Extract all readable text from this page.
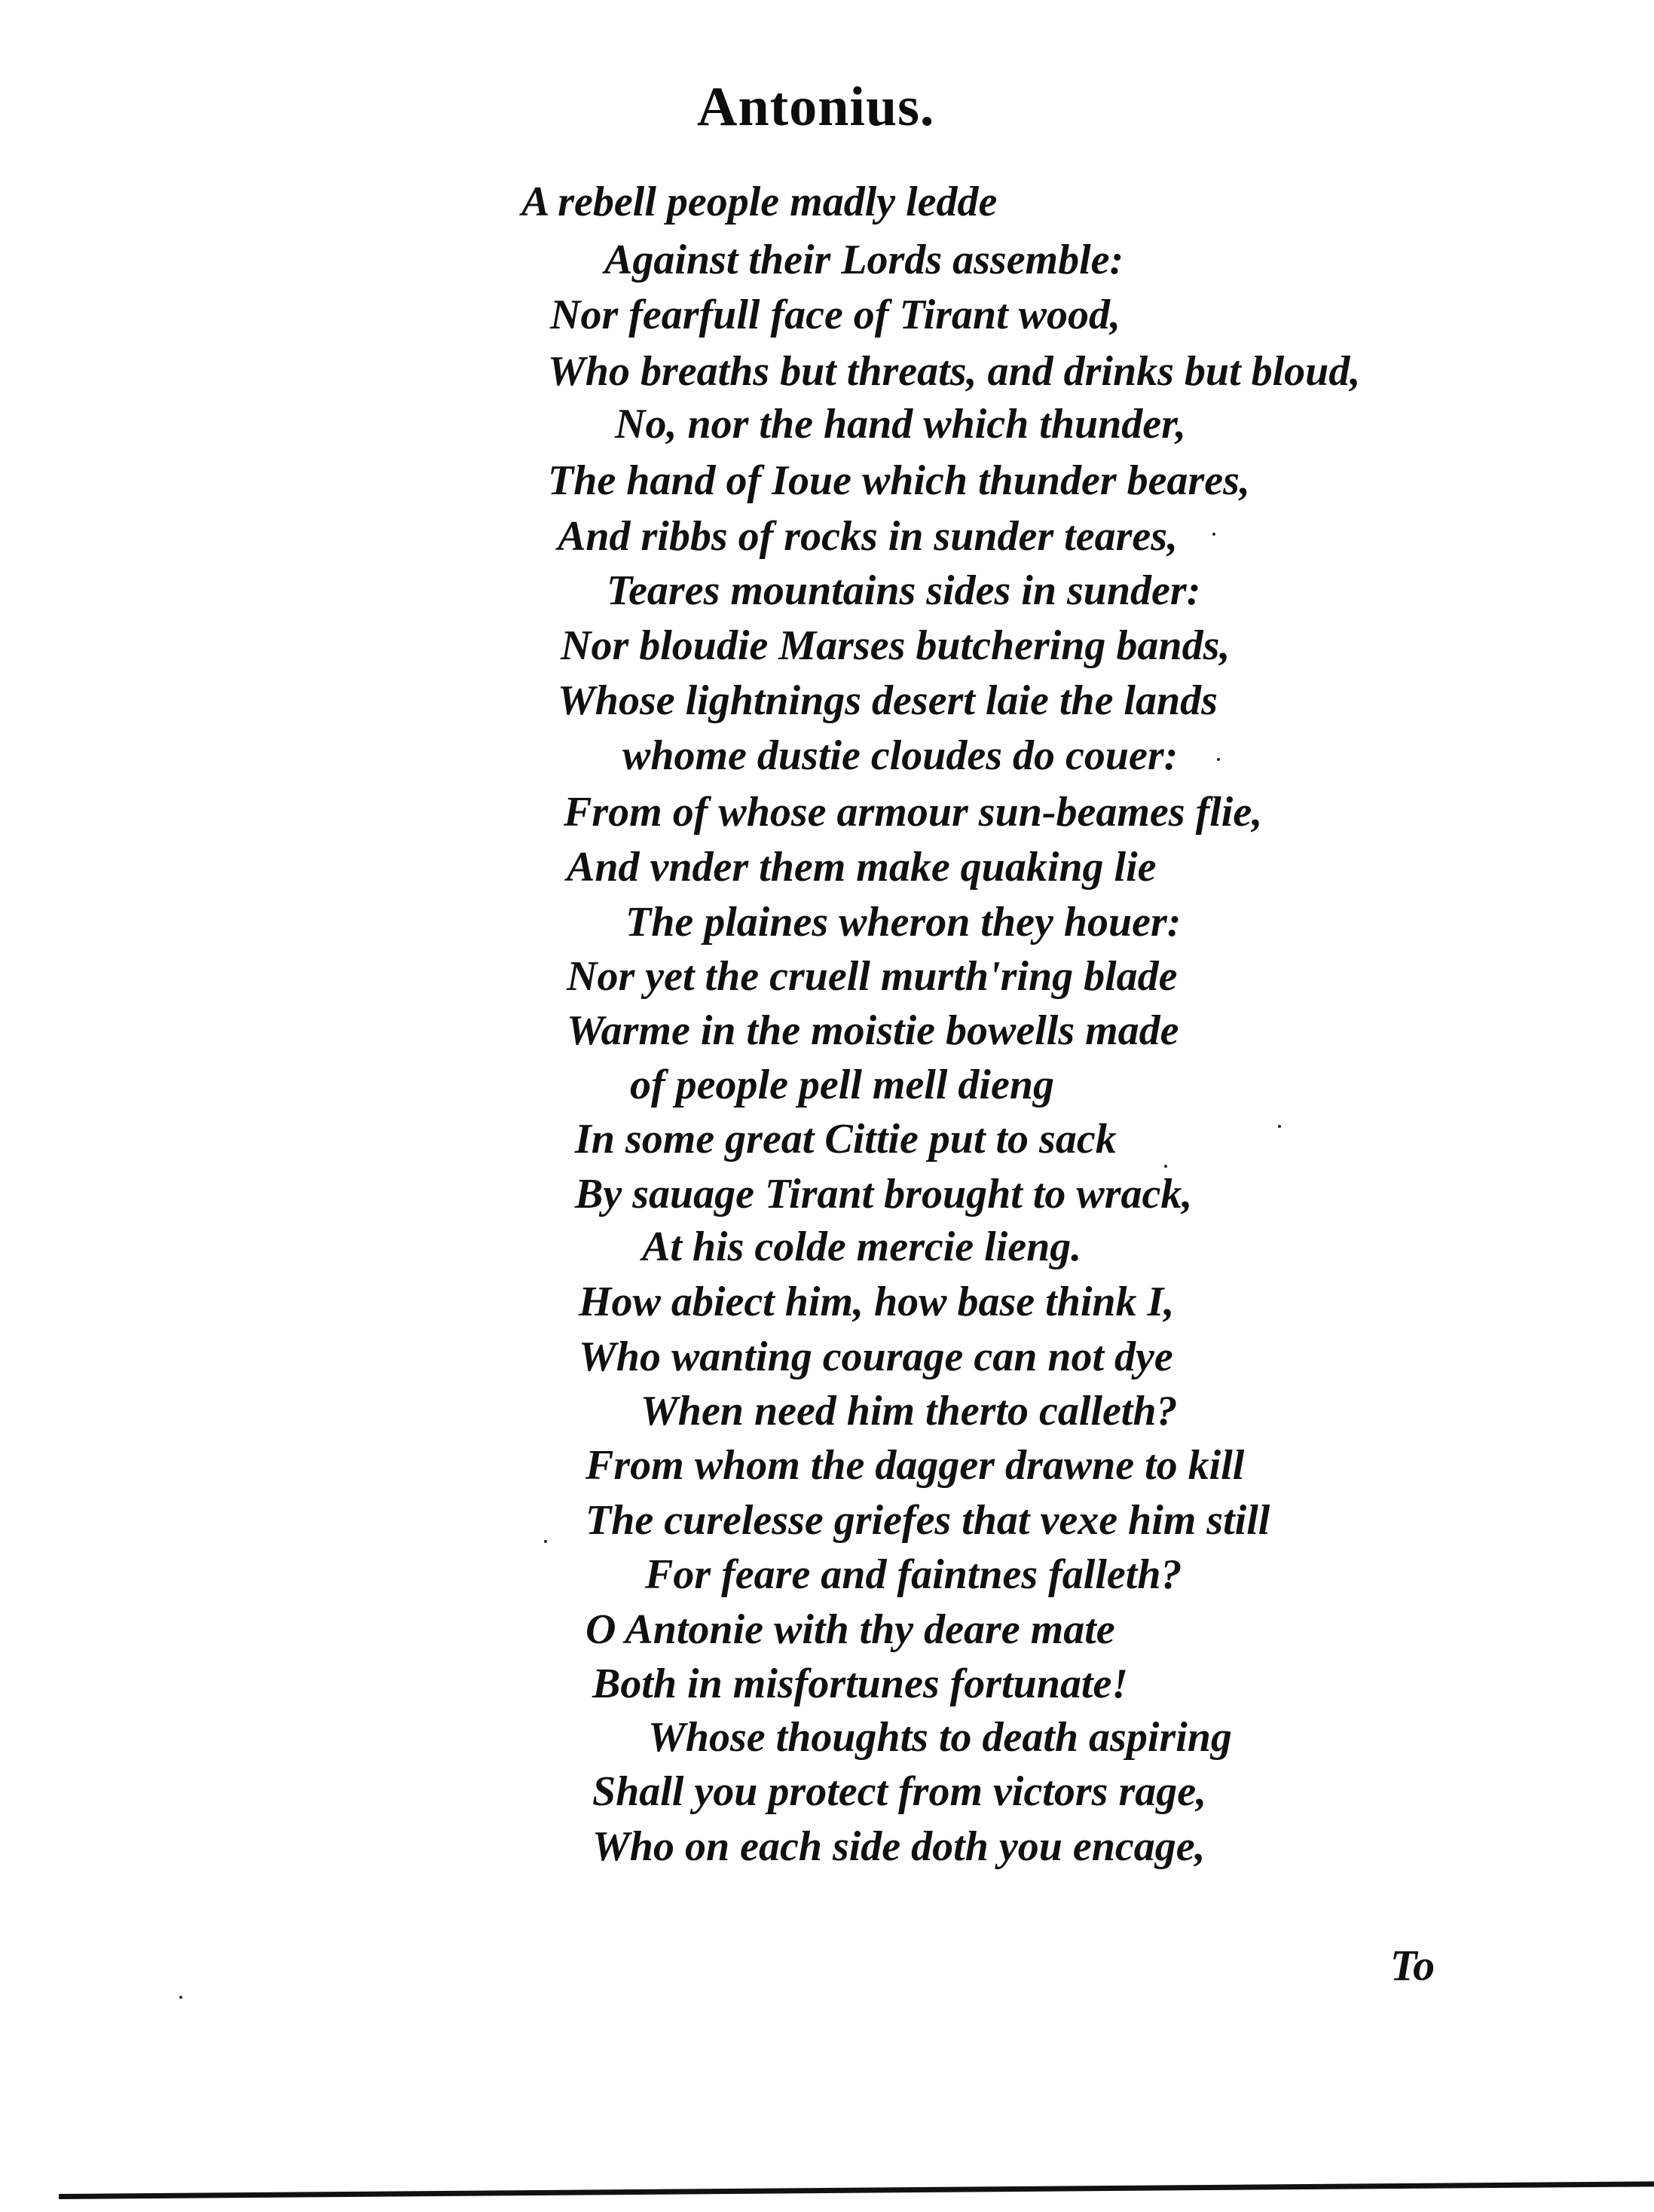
Antonius.
A rebell people madly ledde
Against their Lords assemble:
Nor fearfull face of Tirant wood,
Who breaths but threats, and drinks but bloud,
No, nor the hand which thunder,
The hand of Ioue which thunder beares,
And ribbs of rocks in sunder teares,
Teares mountains sides in sunder:
Nor bloudie Marses butchering bands,
Whose lightnings desert laie the lands
whome dustie cloudes do couer:
From of whose armour sun-beames flie,
And vnder them make quaking lie
The plaines wheron they houer:
Nor yet the cruell murth'ring blade
Warme in the moistie bowells made
of people pell mell dieng
In some great Cittie put to sack
By sauage Tirant brought to wrack,
At his colde mercie lieng.
How abiect him, how base think I,
Who wanting courage can not dye
When need him therto calleth?
From whom the dagger drawne to kill
The curelesse griefes that vexe him still
For feare and faintnes falleth?
O Antonie with thy deare mate
Both in misfortunes fortunate!
Whose thoughts to death aspiring
Shall you protect from victors rage,
Who on each side doth you encage,
To
